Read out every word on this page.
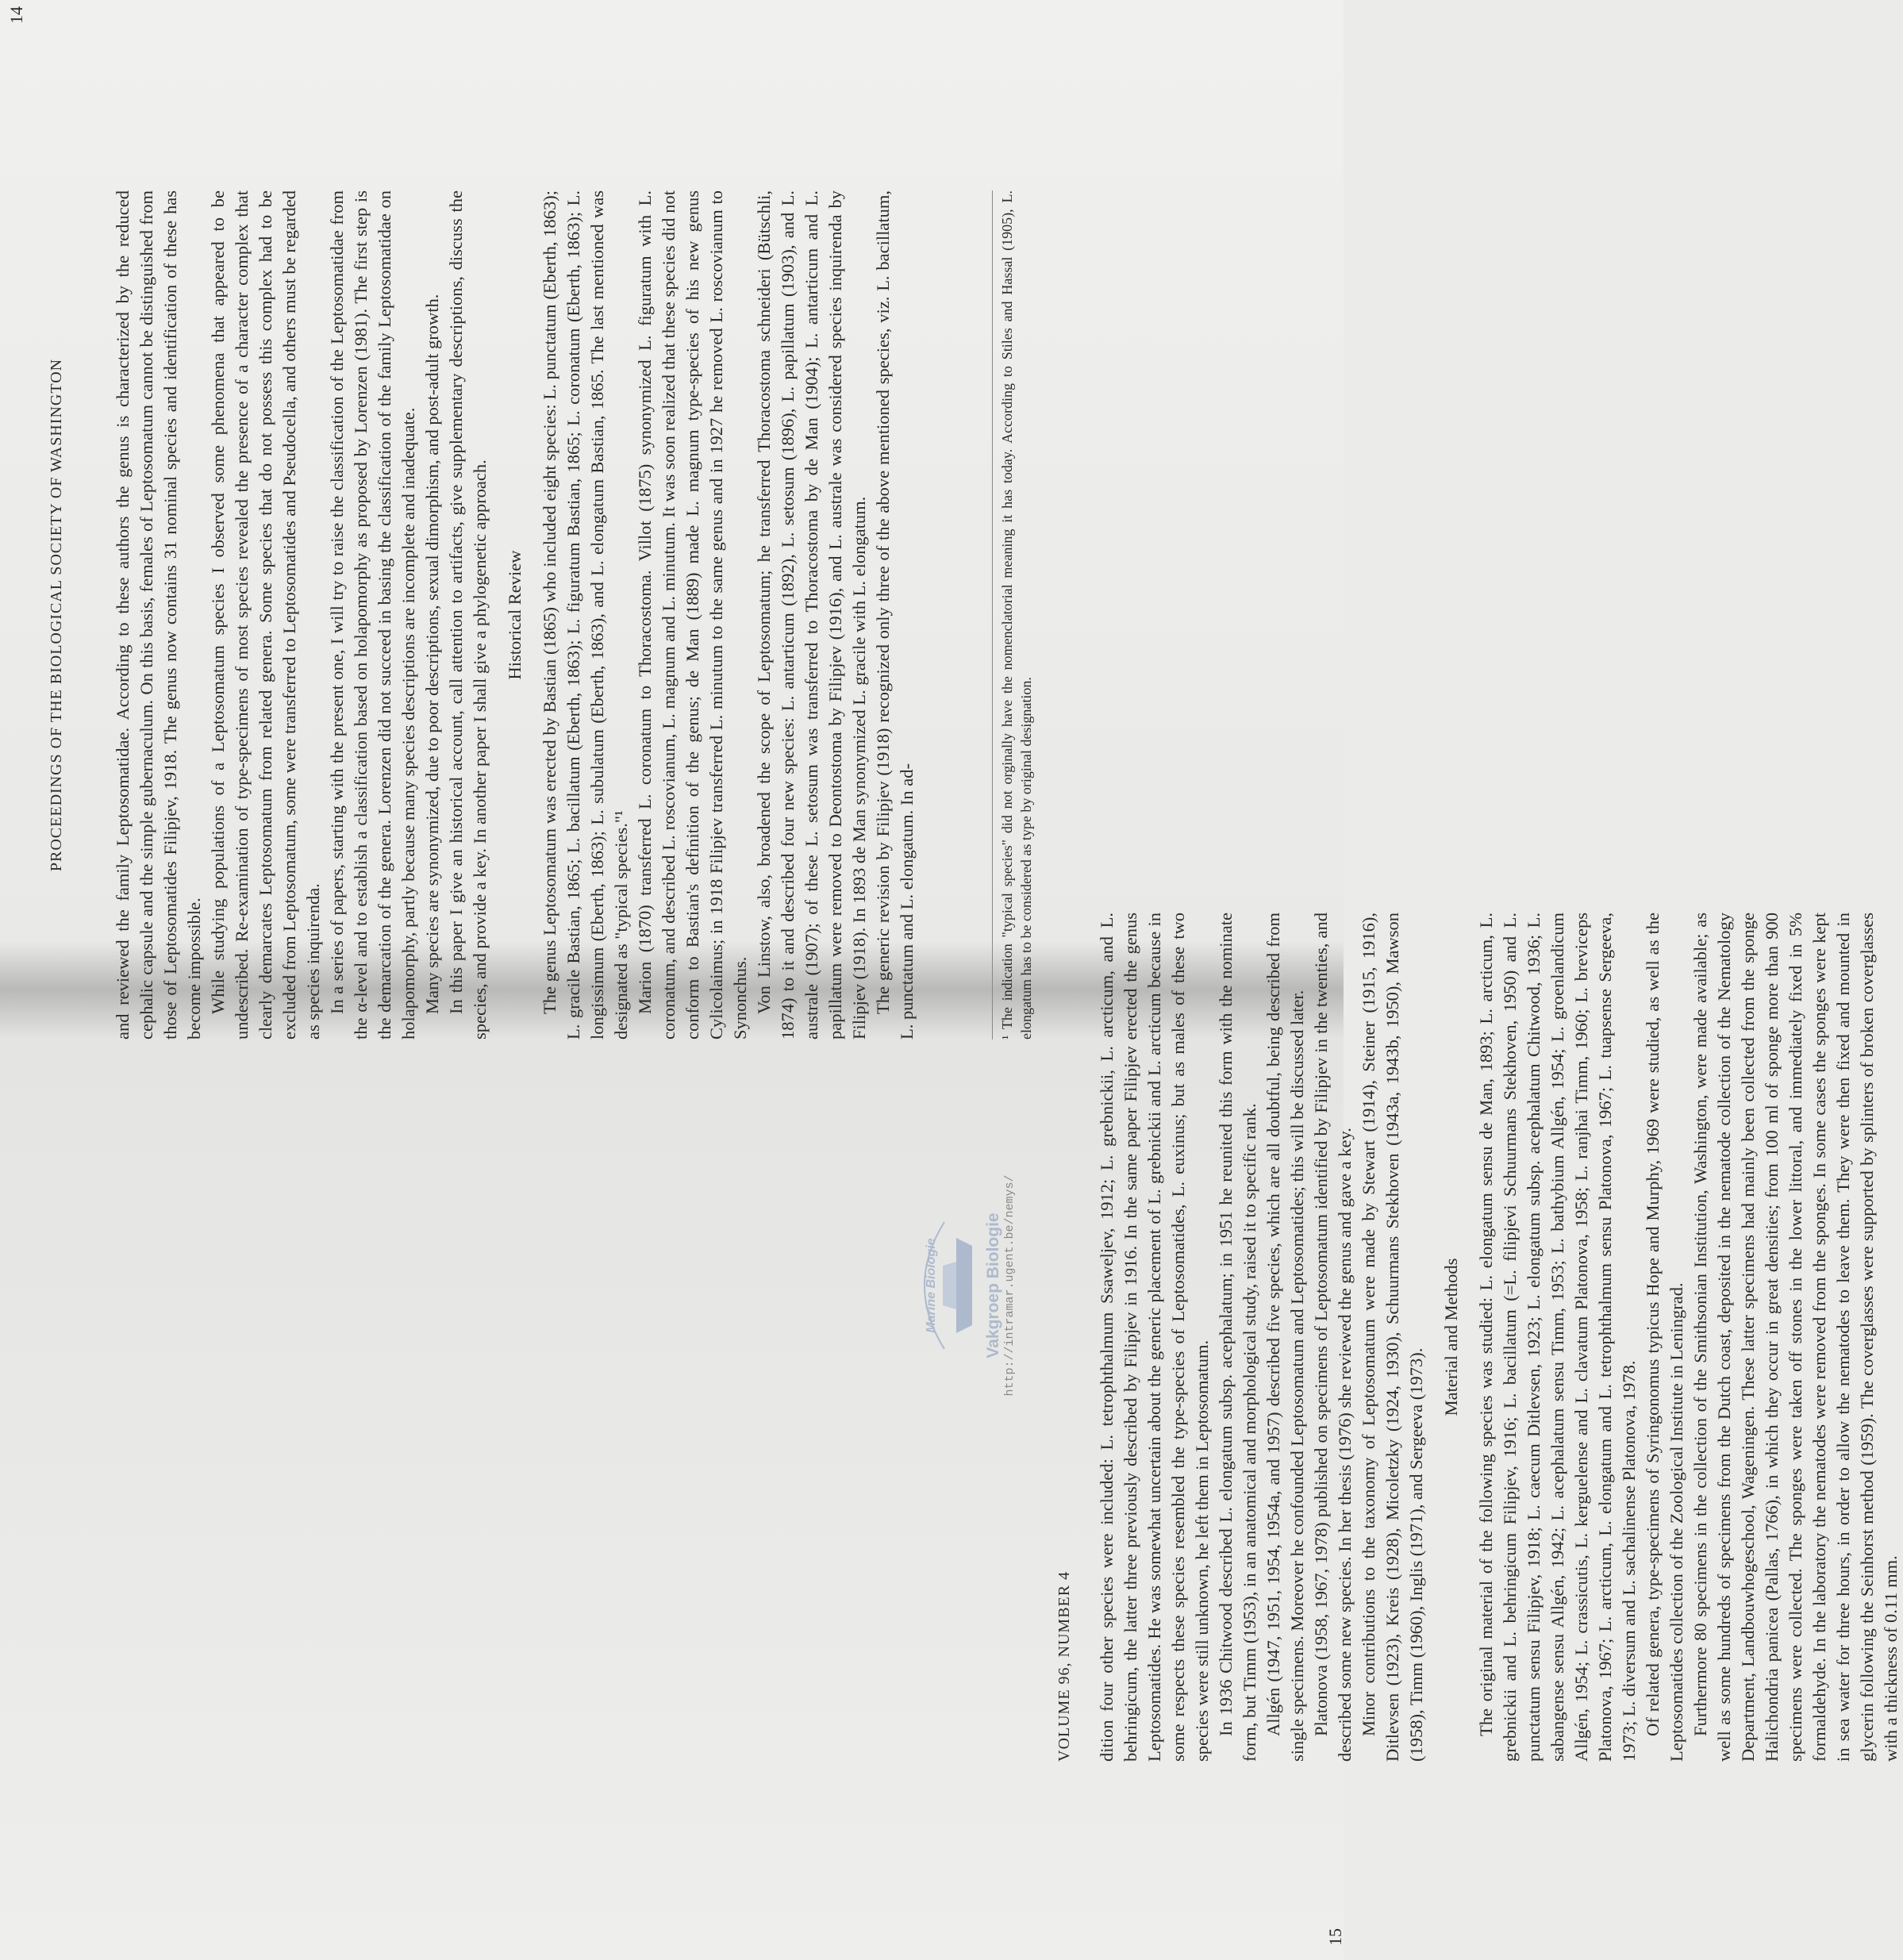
14
PROCEEDINGS OF THE BIOLOGICAL SOCIETY OF WASHINGTON	and reviewed the family Leptosomatidae. According to these authors the genus is characterized by the reduced cephalic capsule and the simple gubernaculum. On this basis, females of Leptosomatum cannot be distinguished from those of Leptosomatides Filipjev, 1918. The genus now contains 31 nominal species and identification of these has become impossible. While studying populations of a Leptosomatum species I observed some phenomena that appeared to be undescribed. Re-examination of type-specimens of most species revealed the presence of a character complex that clearly demarcates Leptosomatum from related genera. Some species that do not possess this complex had to be excluded from Leptosomatum, some were transferred to Leptosomatides and Pseudocella, and others must be regarded as species inquirenda. In a series of papers, starting with the present one, I will try to raise the classification of the Leptosomatidae from the α-level and to establish a classification based on holapomorphy as proposed by Lorenzen (1981). The first step is the demarcation of the genera. Lorenzen did not succeed in basing the classification of the family Leptosomatidae on holapomorphy, partly because many species descriptions are incomplete and inadequate. Many species are synonymized, due to poor descriptions, sexual dimorphism, and post-adult growth. In this paper I give an historical account, call attention to artifacts, give supplementary descriptions, discuss the species, and provide a key. In another paper I shall give a phylogenetic approach. Historical Review The genus Leptosomatum was erected by Bastian (1865) who included eight species: L. punctatum (Eberth, 1863); L. gracile Bastian, 1865; L. bacillatum (Eberth, 1863); L. figuratum Bastian, 1865; L. coronatum (Eberth, 1863); L. longissimum (Eberth, 1863); L. subulatum (Eberth, 1863), and L. elongatum Bastian, 1865. The last mentioned was designated as "typical species."¹ Marion (1870) transferred L. coronatum to Thoracostoma. Villot (1875) synonymized L. figuratum with L. coronatum, and described L. roscovianum, L. magnum and L. minutum. It was soon realized that these species did not conform to Bastian's definition of the genus; de Man (1889) made L. magnum type-species of his new genus Cylicolaimus; in 1918 Filipjev transferred L. minutum to the same genus and in 1927 he removed L. roscovianum to Synonchus. Von Linstow, also, broadened the scope of Leptosomatum; he transferred Thoracostoma schneideri (Bütschli, 1874) to it and described four new species: L. antarticum (1892), L. setosum (1896), L. papillatum (1903), and L. australe (1907); of these L. setosum was transferred to Thoracostoma by de Man (1904); L. antarticum and L. papillatum were removed to Deontostoma by Filipjev (1916), and L. australe was considered species inquirenda by Filipjev (1918). In 1893 de Man synonymized L. gracile with L. elongatum. The generic revision by Filipjev (1918) recognized only three of the above mentioned species, viz. L. bacillatum, L. punctatum and L. elongatum. In ad-	¹ The indication "typical species" did not orginally have the nomenclatorial meaning it has today. According to Stiles and Hassal (1905), L. elongatum has to be considered as type by original designation.
15
VOLUME 96, NUMBER 4 dition four other species were included: L. tetrophthalmum Ssaweljev, 1912; L. grebnickii, L. arcticum, and L. behringicum, the latter three previously described by Filipjev in 1916. In the same paper Filipjev erected the genus Leptosomatides. He was somewhat uncertain about the generic placement of L. grebnickii and L. arcticum because in some respects these species resembled the type-species of Leptosomatides, L. euxinus; but as males of these two species were still unknown, he left them in Leptosomatum. In 1936 Chitwood described L. elongatum subsp. acephalatum; in 1951 he reunited this form with the nominate form, but Timm (1953), in an anatomical and morphological study, raised it to specific rank. Allgén (1947, 1951, 1954, 1954a, and 1957) described five species, which are all doubtful, being described from single specimens. Moreover he confounded Leptosomatum and Leptosomatides; this will be discussed later. Platonova (1958, 1967, 1978) published on specimens of Leptosomatum identified by Filipjev in the twenties, and described some new species. In her thesis (1976) she reviewed the genus and gave a key. Minor contributions to the taxonomy of Leptosomatum were made by Stewart (1914), Steiner (1915, 1916), Ditlevsen (1923), Kreis (1928), Micoletzky (1924, 1930), Schuurmans Stekhoven (1943a, 1943b, 1950), Mawson (1958), Timm (1960), Inglis (1971), and Sergeeva (1973).

Material and Methods The original material of the following species was studied: L. elongatum sensu de Man, 1893; L. arcticum, L. grebnickii and L. behringicum Filipjev, 1916; L. bacillatum (=L. filipjevi Schuurmans Stekhoven, 1950) and L. punctatum sensu Filipjev, 1918; L. caecum Ditlevsen, 1923; L. elongatum subsp. acephalatum Chitwood, 1936; L. sabangense sensu Allgén, 1942; L. acephalatum sensu Timm, 1953; L. bathybium Allgén, 1954; L. groenlandicum Allgén, 1954; L. crassicutis, L. kerguelense and L. clavatum Platonova, 1958; L. ranjhai Timm, 1960; L. breviceps Platonova, 1967; L. arcticum, L. elongatum and L. tetrophthalmum sensu Platonova, 1967; L. tuapsense Sergeeva, 1973; L. diversum and L. sachalinense Platonova, 1978. Of related genera, type-specimens of Syringonomus typicus Hope and Murphy, 1969 were studied, as well as the Leptosomatides collection of the Zoological Institute in Leningrad. Furthermore 80 specimens in the collection of the Smithsonian Institution, Washington, were made available; as well as some hundreds of specimens from the Dutch coast, deposited in the nematode collection of the Nematology Department, Landbouwhogeschool, Wageningen. These latter specimens had mainly been collected from the sponge Halichondria panicea (Pallas, 1766), in which they occur in great densities; from 100 ml of sponge more than 900 specimens were collected. The sponges were taken off stones in the lower littoral, and immediately fixed in 5% formaldehyde. In the laboratory the nematodes were removed from the sponges. In some cases the sponges were kept in sea water for three hours, in order to allow the nematodes to leave them. They were then fixed and mounted in glycerin following the Seinhorst method (1959). The coverglasses were supported by splinters of broken coverglasses with a thickness of 0.11 mm.

Marine Biologie	Vakgroep Biologie http://intramar.ugent.be/nemys/
